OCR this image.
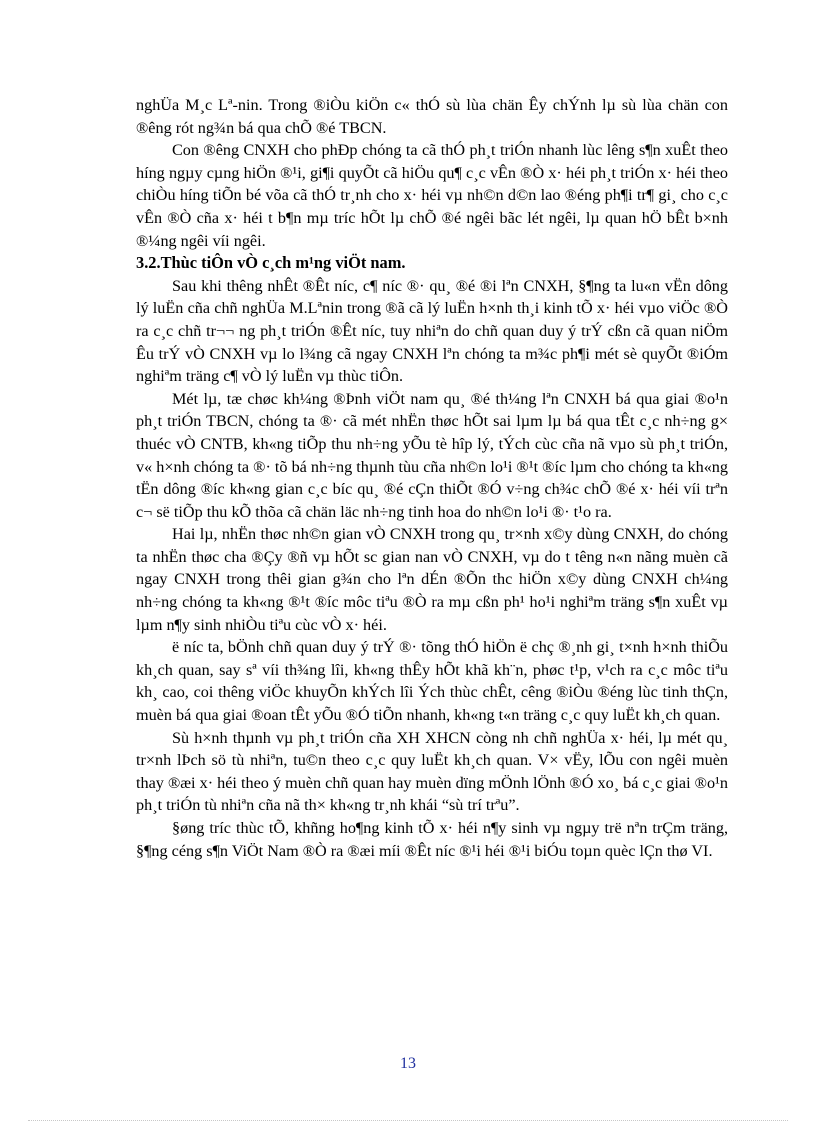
nghÜa M¸c Lª-nin. Trong ®iÒu kiÖn c« thÓ sù lùa chän Êy chÝnh lµ sù lùa chän con ®êng rót ng¾n bá qua chÕ ®é TBCN.

Con ®êng CNXH cho phÐp chóng ta cã thÓ ph¸t triÓn nhanh lùc lêng s¶n xuÊt theo híng ngµy cµng hiÖn ®¹i, gi¶i quyÕt cã hiÖu qu¶ c¸c vÊn ®Ò x· héi ph¸t triÓn x· héi theo chiÒu híng tiÕn bé võa cã thÓ tr¸nh cho x· héi vµ nh©n d©n lao ®éng ph¶i tr¶ gi¸ cho c¸c vÊn ®Ò cña x· héi t b¶n mµ tríc hÕt lµ chÕ ®é ngêi bãc lét ngêi, lµ quan hÖ bÊt b×nh ®¼ng ngêi víi ngêi.

3.2.Thùc tiÔn vÒ c¸ch m¹ng viÖt nam.

Sau khi thêng nhÊt ®Êt níc, c¶ níc ®· qu¸ ®é ®i lªn CNXH, §¶ng ta lu«n vËn dông lý luËn cña chñ nghÜa M.Lªnin trong ®ã cã lý luËn h×nh th¸i kinh tÕ x· héi vµo viÖc ®Ò ra c¸c chñ tr¬¬ ng ph¸t triÓn ®Êt níc, tuy nhiªn do chñ quan duy ý trÝ cßn cã quan niÖm Êu trÝ vÒ CNXH vµ lo l¾ng cã ngay CNXH lªn chóng ta m¾c ph¶i mét sè quyÕt ®iÓm nghiªm träng c¶ vÒ lý luËn vµ thùc tiÔn.

Mét lµ, tæ chøc kh¼ng ®Þnh viÖt nam qu¸ ®é th¼ng lªn CNXH bá qua giai ®o¹n ph¸t triÓn TBCN, chóng ta ®· cã mét nhËn thøc hÕt sai lµm lµ bá qua tÊt c¸c nh÷ng g× thuéc vÒ CNTB, kh«ng tiÕp thu nh÷ng yÕu tè hîp lý, tÝch cùc cña nã vµo sù ph¸t triÓn, v« h×nh chóng ta ®· tõ bá nh÷ng thµnh tùu cña nh©n lo¹i ®¹t ®íc lµm cho chóng ta kh«ng tËn dông ®íc kh«ng gian c¸c bíc qu¸ ®é cÇn thiÕt ®Ó v÷ng ch¾c chÕ ®é x· héi víi trªn c¬ së tiÕp thu kÕ thõa cã chän läc nh÷ng tinh hoa do nh©n lo¹i ®· t¹o ra.

Hai lµ, nhËn thøc nh©n gian vÒ CNXH trong qu¸ tr×nh x©y dùng CNXH, do chóng ta nhËn thøc cha ®Çy ®ñ vµ hÕt sc gian nan vÒ CNXH, vµ do t têng n«n nãng muèn cã ngay CNXH trong thêi gian g¾n cho lªn dÉn ®Õn thc hiÖn x©y dùng CNXH ch¼ng nh÷ng chóng ta kh«ng ®¹t ®íc môc tiªu ®Ò ra mµ cßn ph¹ ho¹i nghiªm träng s¶n xuÊt vµ lµm n¶y sinh nhiÒu tiªu cùc vÒ x· héi.

ë níc ta, bÖnh chñ quan duy ý trÝ ®· tõng thÓ hiÖn ë chç ®¸nh gi¸ t×nh h×nh thiÕu kh¸ch quan, say sª víi th¾ng lîi, kh«ng thÊy hÕt khã kh¨n, phøc t¹p, v¹ch ra c¸c môc tiªu kh¸ cao, coi thêng viÖc khuyÕn khÝch lîi Ých thùc chÊt, cêng ®iÒu ®éng lùc tinh thÇn, muèn bá qua giai ®oan tÊt yÕu ®Ó tiÕn nhanh, kh«ng t«n träng c¸c quy luËt kh¸ch quan.

Sù h×nh thµnh vµ ph¸t triÓn cña XH XHCN còng nh chñ nghÜa x· héi, lµ mét qu¸ tr×nh lÞch sö tù nhiªn, tu©n theo c¸c quy luËt kh¸ch quan. V× vËy, lÕu con ngêi muèn thay ®æi x· héi theo ý muèn chñ quan hay muèn dïng mÖnh lÖnh ®Ó xo¸ bá c¸c giai ®o¹n ph¸t triÓn tù nhiªn cña nã th× kh«ng tr¸nh khái “sù trí trªu”.

§øng tríc thùc tÕ, khñng ho¶ng kinh tÕ x· héi n¶y sinh vµ ngµy trë nªn trÇm träng, §¶ng céng s¶n ViÖt Nam ®Ò ra ®æi míi ®Êt níc ®¹i héi ®¹i biÓu toµn quèc lÇn thø VI.

13
